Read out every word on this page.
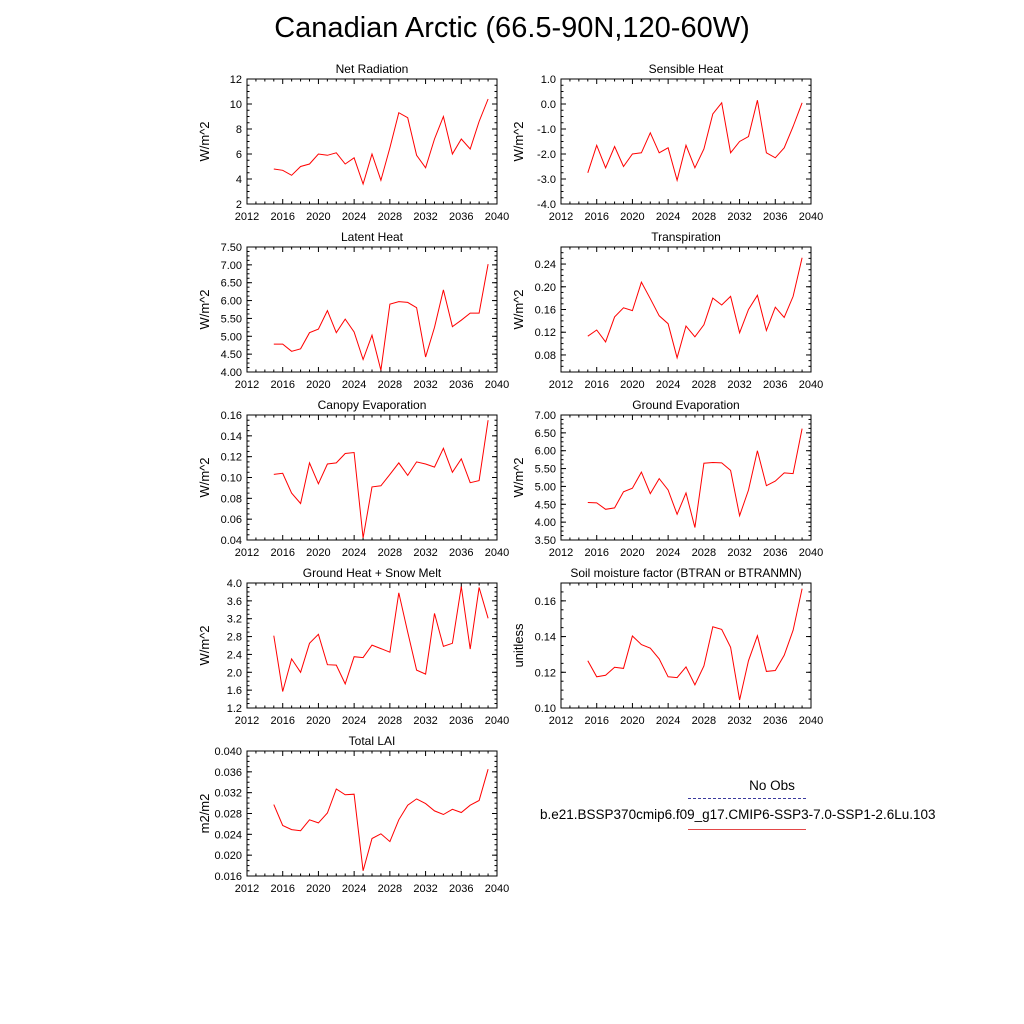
Canadian Arctic (66.5-90N,120-60W)
Net Radiation
W/m^2
2012 2016 2020 2024 2028 2032 2036 2040
2
4
6
8
10
12
Sensible Heat
W/m^2
2012 2016 2020 2024 2028 2032 2036 2040
-4.0
-3.0
-2.0
-1.0
0.0
1.0
Latent Heat
W/m^2
2012 2016 2020 2024 2028 2032 2036 2040
4.00
4.50
5.00
5.50
6.00
6.50
7.00
7.50
Transpiration
W/m^2
2012 2016 2020 2024 2028 2032 2036 2040
0.08
0.12
0.16
0.20
0.24
Canopy Evaporation
W/m^2
2012 2016 2020 2024 2028 2032 2036 2040
0.04
0.06
0.08
0.10
0.12
0.14
0.16
Ground Evaporation
W/m^2
2012 2016 2020 2024 2028 2032 2036 2040
3.50
4.00
4.50
5.00
5.50
6.00
6.50
7.00
Ground Heat + Snow Melt
W/m^2
2012 2016 2020 2024 2028 2032 2036 2040
1.2
1.6
2.0
2.4
2.8
3.2
3.6
4.0
Soil moisture factor (BTRAN or BTRANMN)
unitless
2012 2016 2020 2024 2028 2032 2036 2040
0.10
0.12
0.14
0.16
Total LAI
m2/m2
2012 2016 2020 2024 2028 2032 2036 2040
0.016
0.020
0.024
0.028
0.032
0.036
0.040
No Obs
b.e21.BSSP370cmip6.f09_g17.CMIP6-SSP3-7.0-SSP1-2.6Lu.103
